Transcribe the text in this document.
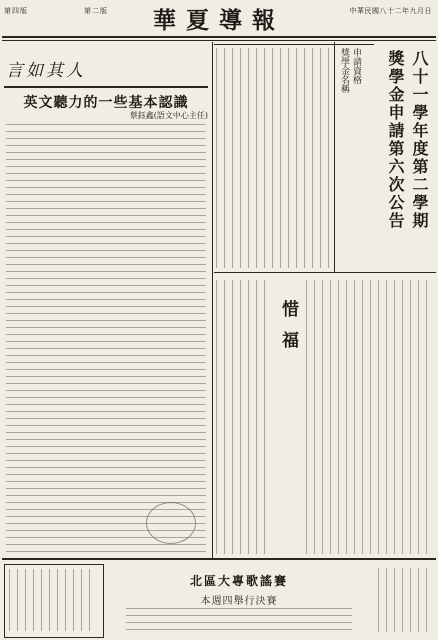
第四版	第二版	華夏導報	中華民國八十二年九月日
言如其人
英文聽力的一些基本認識
蔡鈺鑫(語文中心主任)	八十一學年度第二學期
獎學金申請第六次公告
申請資格
獎學金名稱
惜福
北區大專歌謠賽
本週四舉行決賽
